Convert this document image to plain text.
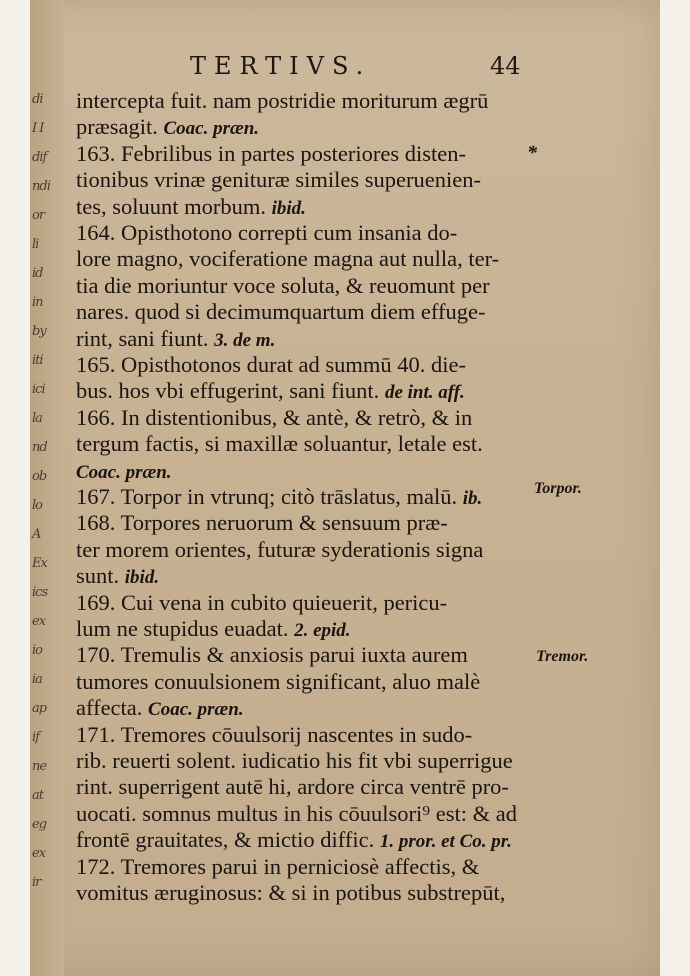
di
I I
dif
ndi
or
li
id
in
by
iti
ici
la
nd
ob
lo
A
Ex
ics
ex
io
ia
ap
if
ne
at
eg
ex
ir
TERTIVS.	44
intercepta fuit. nam postridie moriturum ægrū
præsagit. Coac. præn.
163. Febrilibus in partes posteriores disten-
tionibus vrinæ genituræ similes superuenien-
tes, soluunt morbum. ibid.
164. Opisthotono correpti cum insania do-
lore magno, vociferatione magna aut nulla, ter-
tia die moriuntur voce soluta, & reuomunt per
nares. quod si decimumquartum diem effuge-
rint, sani fiunt. 3. de m.
165. Opisthotonos durat ad summū 40. die-
bus. hos vbi effugerint, sani fiunt. de int. aff.
166. In distentionibus, & antè, & retrò, & in
tergum factis, si maxillæ soluantur, letale est.
Coac. præn.
167. Torpor in vtrunq; citò trāslatus, malū. ib.
168. Torpores neruorum & sensuum præ-
ter morem orientes, futuræ syderationis signa
sunt. ibid.
169. Cui vena in cubito quieuerit, pericu-
lum ne stupidus euadat. 2. epid.
170. Tremulis & anxiosis parui iuxta aurem
tumores conuulsionem significant, aluo malè
affecta. Coac. præn.
171. Tremores cōuulsorij nascentes in sudo-
rib. reuerti solent. iudicatio his fit vbi superrigue
rint. superrigent autē hi, ardore circa ventrē pro-
uocati. somnus multus in his cōuulsori⁹ est: & ad
frontē grauitates, & mictio diffic. 1. pror. et Co. pr.
172. Tremores parui in perniciosè affectis, &
vomitus æruginosus: & si in potibus substrepūt,
*
Torpor.
Tremor.
